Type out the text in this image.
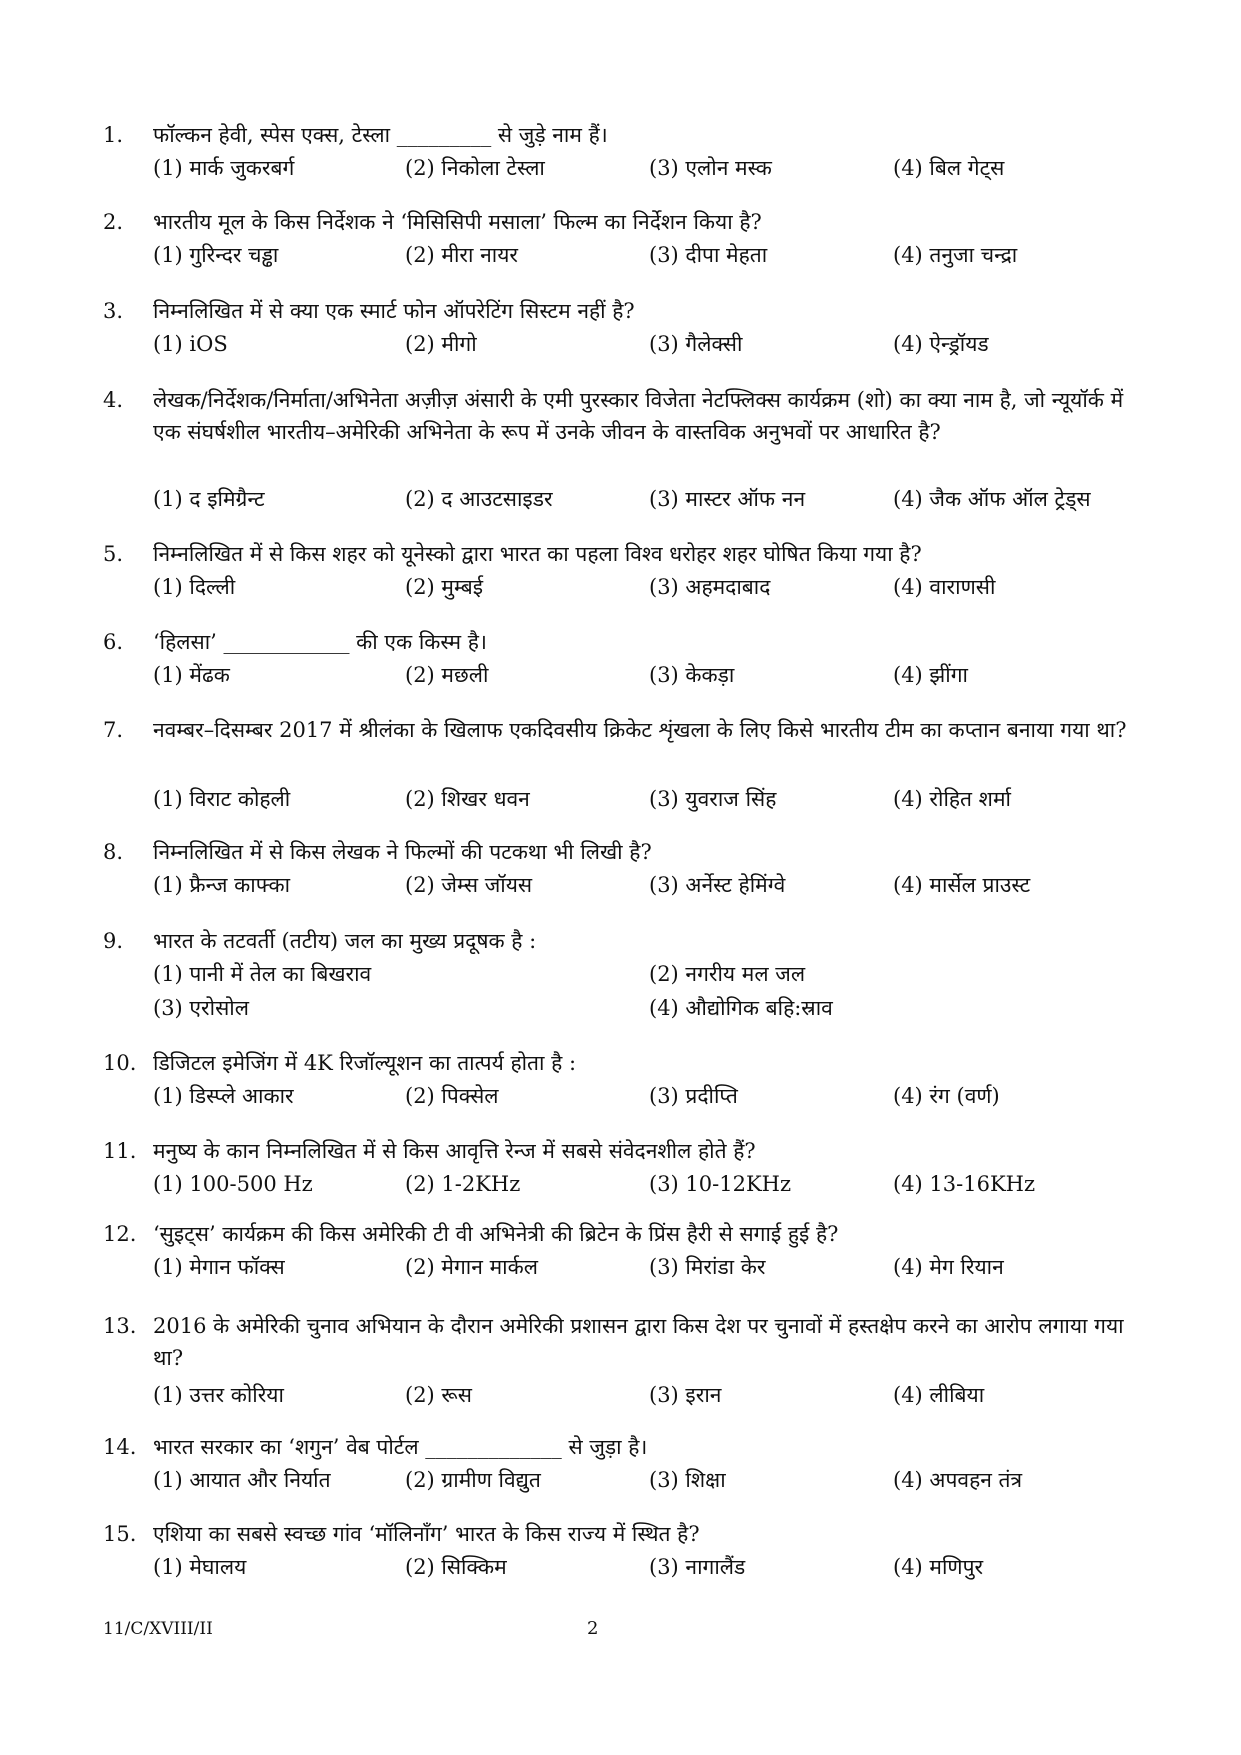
1. फॉल्कन हेवी, स्पेस एक्स, टेस्ला _________ से जुड़े नाम हैं।
(1) मार्क जुकरबर्ग	(2) निकोला टेस्ला	(3) एलोन मस्क	(4) बिल गेट्स
2. भारतीय मूल के किस निर्देशक ने ‘मिसिसिपी मसाला’ फिल्म का निर्देशन किया है?
(1) गुरिन्दर चड्ढा	(2) मीरा नायर	(3) दीपा मेहता	(4) तनुजा चन्द्रा
3. निम्नलिखित में से क्या एक स्मार्ट फोन ऑपरेटिंग सिस्टम नहीं है?
(1) iOS	(2) मीगो	(3) गैलेक्सी	(4) ऐन्ड्रॉयड
4. लेखक/निर्देशक/निर्माता/अभिनेता अज़ीज़ अंसारी के एमी पुरस्कार विजेता नेटफ्लिक्स कार्यक्रम (शो) का क्या नाम है, जो न्यूयॉर्क में एक संघर्षशील भारतीय–अमेरिकी अभिनेता के रूप में उनके जीवन के वास्तविक अनुभवों पर आधारित है?
(1) द इमिग्रैन्ट	(2) द आउटसाइडर	(3) मास्टर ऑफ नन	(4) जैक ऑफ ऑल ट्रेड्स
5. निम्नलिखित में से किस शहर को यूनेस्को द्वारा भारत का पहला विश्व धरोहर शहर घोषित किया गया है?
(1) दिल्ली	(2) मुम्बई	(3) अहमदाबाद	(4) वाराणसी
6. ‘हिलसा’ ____________ की एक किस्म है।
(1) मेंढक	(2) मछली	(3) केकड़ा	(4) झींगा
7. नवम्बर–दिसम्बर 2017 में श्रीलंका के खिलाफ एकदिवसीय क्रिकेट शृंखला के लिए किसे भारतीय टीम का कप्तान बनाया गया था?
(1) विराट कोहली	(2) शिखर धवन	(3) युवराज सिंह	(4) रोहित शर्मा
8. निम्नलिखित में से किस लेखक ने फिल्मों की पटकथा भी लिखी है?
(1) फ्रैन्ज काफ्का	(2) जेम्स जॉयस	(3) अर्नेस्ट हेमिंग्वे	(4) मार्सेल प्राउस्ट
9. भारत के तटवर्ती (तटीय) जल का मुख्य प्रदूषक है :
(1) पानी में तेल का बिखराव	(2) नगरीय मल जल
(3) एरोसोल	(4) औद्योगिक बहि:स्राव
10. डिजिटल इमेजिंग में 4K रिजॉल्यूशन का तात्पर्य होता है :
(1) डिस्प्ले आकार	(2) पिक्सेल	(3) प्रदीप्ति	(4) रंग (वर्ण)
11. मनुष्य के कान निम्नलिखित में से किस आवृत्ति रेन्ज में सबसे संवेदनशील होते हैं?
(1) 100-500 Hz	(2) 1-2KHz	(3) 10-12KHz	(4) 13-16KHz
12. ‘सुइट्स’ कार्यक्रम की किस अमेरिकी टी वी अभिनेत्री की ब्रिटेन के प्रिंस हैरी से सगाई हुई है?
(1) मेगान फॉक्स	(2) मेगान मार्कल	(3) मिरांडा केर	(4) मेग रियान
13. 2016 के अमेरिकी चुनाव अभियान के दौरान अमेरिकी प्रशासन द्वारा किस देश पर चुनावों में हस्तक्षेप करने का आरोप लगाया गया था?
(1) उत्तर कोरिया	(2) रूस	(3) इरान	(4) लीबिया
14. भारत सरकार का ‘शगुन’ वेब पोर्टल _____________ से जुड़ा है।
(1) आयात और निर्यात	(2) ग्रामीण विद्युत	(3) शिक्षा	(4) अपवहन तंत्र
15. एशिया का सबसे स्वच्छ गांव ‘मॉलिनॉंग’ भारत के किस राज्य में स्थित है?
(1) मेघालय	(2) सिक्किम	(3) नागालैंड	(4) मणिपुर
11/C/XVIII/II	2
